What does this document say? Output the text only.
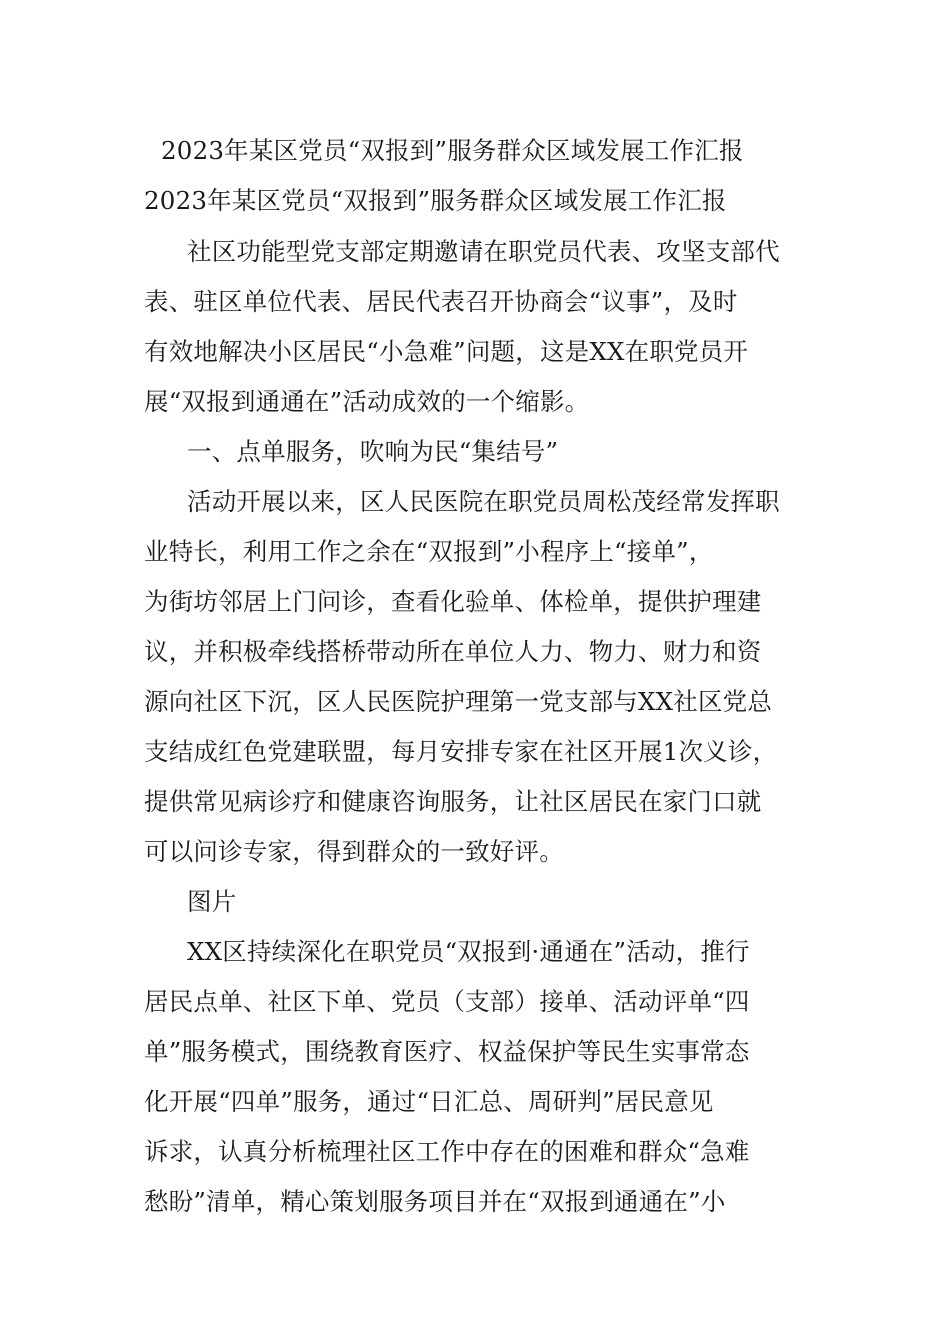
2023年某区党员“双报到”服务群众区域发展工作汇报
2023年某区党员“双报到”服务群众区域发展工作汇报
社区功能型党支部定期邀请在职党员代表、攻坚支部代
表、驻区单位代表、居民代表召开协商会“议事”，及时
有效地解决小区居民“小急难”问题，这是XX在职党员开
展“双报到通通在”活动成效的一个缩影。
一、点单服务，吹响为民“集结号”
活动开展以来，区人民医院在职党员周松茂经常发挥职
业特长，利用工作之余在“双报到”小程序上“接单”，
为街坊邻居上门问诊，查看化验单、体检单，提供护理建
议，并积极牵线搭桥带动所在单位人力、物力、财力和资
源向社区下沉，区人民医院护理第一党支部与XX社区党总
支结成红色党建联盟，每月安排专家在社区开展1次义诊，
提供常见病诊疗和健康咨询服务，让社区居民在家门口就
可以问诊专家，得到群众的一致好评。
图片
XX区持续深化在职党员“双报到·通通在”活动，推行
居民点单、社区下单、党员（支部）接单、活动评单“四
单”服务模式，围绕教育医疗、权益保护等民生实事常态
化开展“四单”服务，通过“日汇总、周研判”居民意见
诉求，认真分析梳理社区工作中存在的困难和群众“急难
愁盼”清单，精心策划服务项目并在“双报到通通在”小
